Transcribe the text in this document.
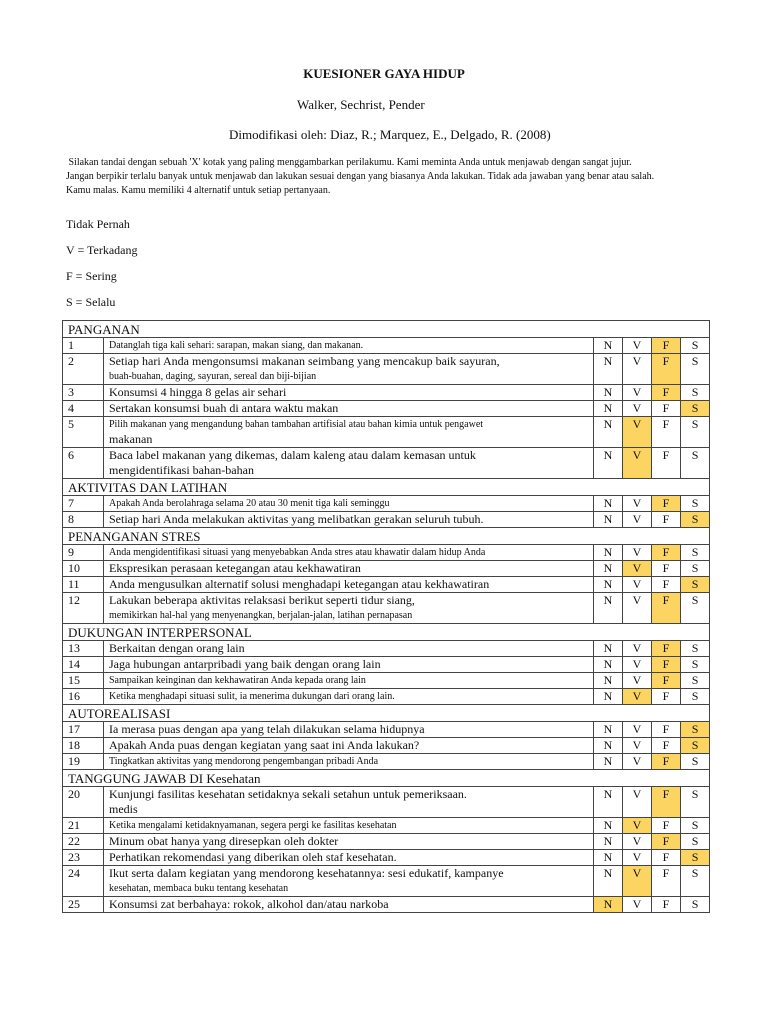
KUESIONER GAYA HIDUP
Walker, Sechrist, Pender
Dimodifikasi oleh: Diaz, R.; Marquez, E., Delgado, R. (2008)
Silakan tandai dengan sebuah 'X' kotak yang paling menggambarkan perilakumu. Kami meminta Anda untuk menjawab dengan sangat jujur.
Jangan berpikir terlalu banyak untuk menjawab dan lakukan sesuai dengan yang biasanya Anda lakukan. Tidak ada jawaban yang benar atau salah.
Kamu malas. Kamu memiliki 4 alternatif untuk setiap pertanyaan.
Tidak Pernah
V = Terkadang
F = Sering
S = Selalu
PANGANAN					
1	Datanglah tiga kali sehari: sarapan, makan siang, dan makanan.	N	V	F	S
2	Setiap hari Anda mengonsumsi makanan seimbang yang mencakup baik sayuran,
buah-buahan, daging, sayuran, sereal dan biji-bijian	N	V	F	S
3	Konsumsi 4 hingga 8 gelas air sehari	N	V	F	S
4	Sertakan konsumsi buah di antara waktu makan	N	V	F	S
5	Pilih makanan yang mengandung bahan tambahan artifisial atau bahan kimia untuk pengawet
makanan	N	V	F	S
6	Baca label makanan yang dikemas, dalam kaleng atau dalam kemasan untuk
mengidentifikasi bahan-bahan	N	V	F	S
AKTIVITAS DAN LATIHAN					
7	Apakah Anda berolahraga selama 20 atau 30 menit tiga kali seminggu	N	V	F	S
8	Setiap hari Anda melakukan aktivitas yang melibatkan gerakan seluruh tubuh.	N	V	F	S
PENANGANAN STRES					
9	Anda mengidentifikasi situasi yang menyebabkan Anda stres atau khawatir dalam hidup Anda	N	V	F	S
10	Ekspresikan perasaan ketegangan atau kekhawatiran	N	V	F	S
11	Anda mengusulkan alternatif solusi menghadapi ketegangan atau kekhawatiran	N	V	F	S
12	Lakukan beberapa aktivitas relaksasi berikut seperti tidur siang,
memikirkan hal-hal yang menyenangkan, berjalan-jalan, latihan pernapasan	N	V	F	S
DUKUNGAN INTERPERSONAL					
13	Berkaitan dengan orang lain	N	V	F	S
14	Jaga hubungan antarpribadi yang baik dengan orang lain	N	V	F	S
15	Sampaikan keinginan dan kekhawatiran Anda kepada orang lain	N	V	F	S
16	Ketika menghadapi situasi sulit, ia menerima dukungan dari orang lain.	N	V	F	S
AUTOREALISASI					
17	Ia merasa puas dengan apa yang telah dilakukan selama hidupnya	N	V	F	S
18	Apakah Anda puas dengan kegiatan yang saat ini Anda lakukan?	N	V	F	S
19	Tingkatkan aktivitas yang mendorong pengembangan pribadi Anda	N	V	F	S
TANGGUNG JAWAB DI Kesehatan					
20	Kunjungi fasilitas kesehatan setidaknya sekali setahun untuk pemeriksaan.
medis	N	V	F	S
21	Ketika mengalami ketidaknyamanan, segera pergi ke fasilitas kesehatan	N	V	F	S
22	Minum obat hanya yang diresepkan oleh dokter	N	V	F	S
23	Perhatikan rekomendasi yang diberikan oleh staf kesehatan.	N	V	F	S
24	Ikut serta dalam kegiatan yang mendorong kesehatannya: sesi edukatif, kampanye
kesehatan, membaca buku tentang kesehatan	N	V	F	S
25	Konsumsi zat berbahaya: rokok, alkohol dan/atau narkoba	N	V	F	S
